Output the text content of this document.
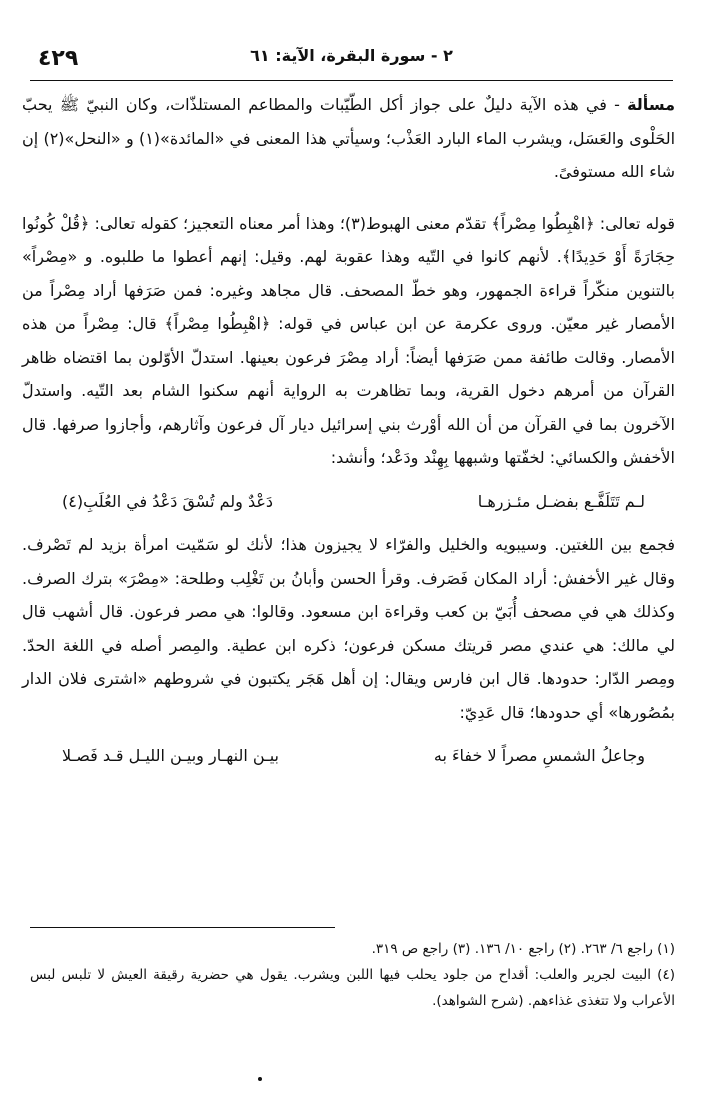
٤٢٩	٢ - سورة البقرة، الآية: ٦١

مسألة - في هذه الآية دليلٌ على جواز أكل الطّيّبات والمطاعم المستلذّات، وكان النبيّ ﷺ يحبّ الحَلْوى والعَسَل، ويشرب الماء البارد العَذْب؛ وسيأتي هذا المعنى في «المائدة»(١) و «النحل»(٢) إن شاء الله مستوفىً.

قوله تعالى: ﴿اهْبِطُوا مِصْراً﴾ تقدّم معنى الهبوط(٣)؛ وهذا أمر معناه التعجيز؛ كقوله تعالى: ﴿قُلْ كُونُوا حِجَارَةً أَوْ حَدِيدًا﴾. لأنهم كانوا في التّيه وهذا عقوبة لهم. وقيل: إنهم أعطوا ما طلبوه. و «مِصْراً» بالتنوين منكّراً قراءة الجمهور، وهو خطّ المصحف. قال مجاهد وغيره: فمن صَرَفها أراد مِصْراً من الأمصار غير معيّن. وروى عكرمة عن ابن عباس في قوله: ﴿اهْبِطُوا مِصْراً﴾ قال: مِصْراً من هذه الأمصار. وقالت طائفة ممن صَرَفها أيضاً: أراد مِصْرَ فرعون بعينها. استدلّ الأوّلون بما اقتضاه ظاهر القرآن من أمرهم دخول القرية، وبما تظاهرت به الرواية أنهم سكنوا الشام بعد التّيه. واستدلّ الآخرون بما في القرآن من أن الله أوْرث بني إسرائيل ديار آل فرعون وآثارهم، وأجازوا صرفها. قال الأخفش والكسائي: لخفّتها وشبهها بِهِنْد ودَعْد؛ وأنشد:

لـم تَتَلَفَّـع بفضـل مئـزرهـا
دَعْدٌ ولم تُسْقَ دَعْدُ في العُلَبِ(٤)

فجمع بين اللغتين. وسيبويه والخليل والفرّاء لا يجيزون هذا؛ لأنك لو سَمّيت امرأة بزيد لم تَصْرف. وقال غير الأخفش: أراد المكان فَصَرف. وقرأ الحسن وأبانُ بن تَغْلِب وطلحة: «مِصْرَ» بترك الصرف. وكذلك هي في مصحف أُبَيّ بن كعب وقراءة ابن مسعود. وقالوا: هي مصر فرعون. قال أشهب قال لي مالك: هي عندي مصر قريتك مسكن فرعون؛ ذكره ابن عطية. والمِصر أصله في اللغة الحدّ. ومِصر الدّار: حدودها. قال ابن فارس ويقال: إن أهل هَجَر يكتبون في شروطهم «اشترى فلان الدار بمُصُورها» أي حدودها؛ قال عَدِيّ:

وجاعلُ الشمسِ مصراً لا خفاءَ به
بيـن النهـار وبيـن الليـل قـد فَصـلا

(١) راجع ٦/ ٢٦٣. (٢) راجع ١٠/ ١٣٦. (٣) راجع ص ٣١٩.

(٤) البيت لجرير والعلب: أقداح من جلود يحلب فيها اللبن ويشرب. يقول هي حضرية رقيقة العيش لا تلبس لبس الأعراب ولا تتغذى غذاءهم. (شرح الشواهد).
